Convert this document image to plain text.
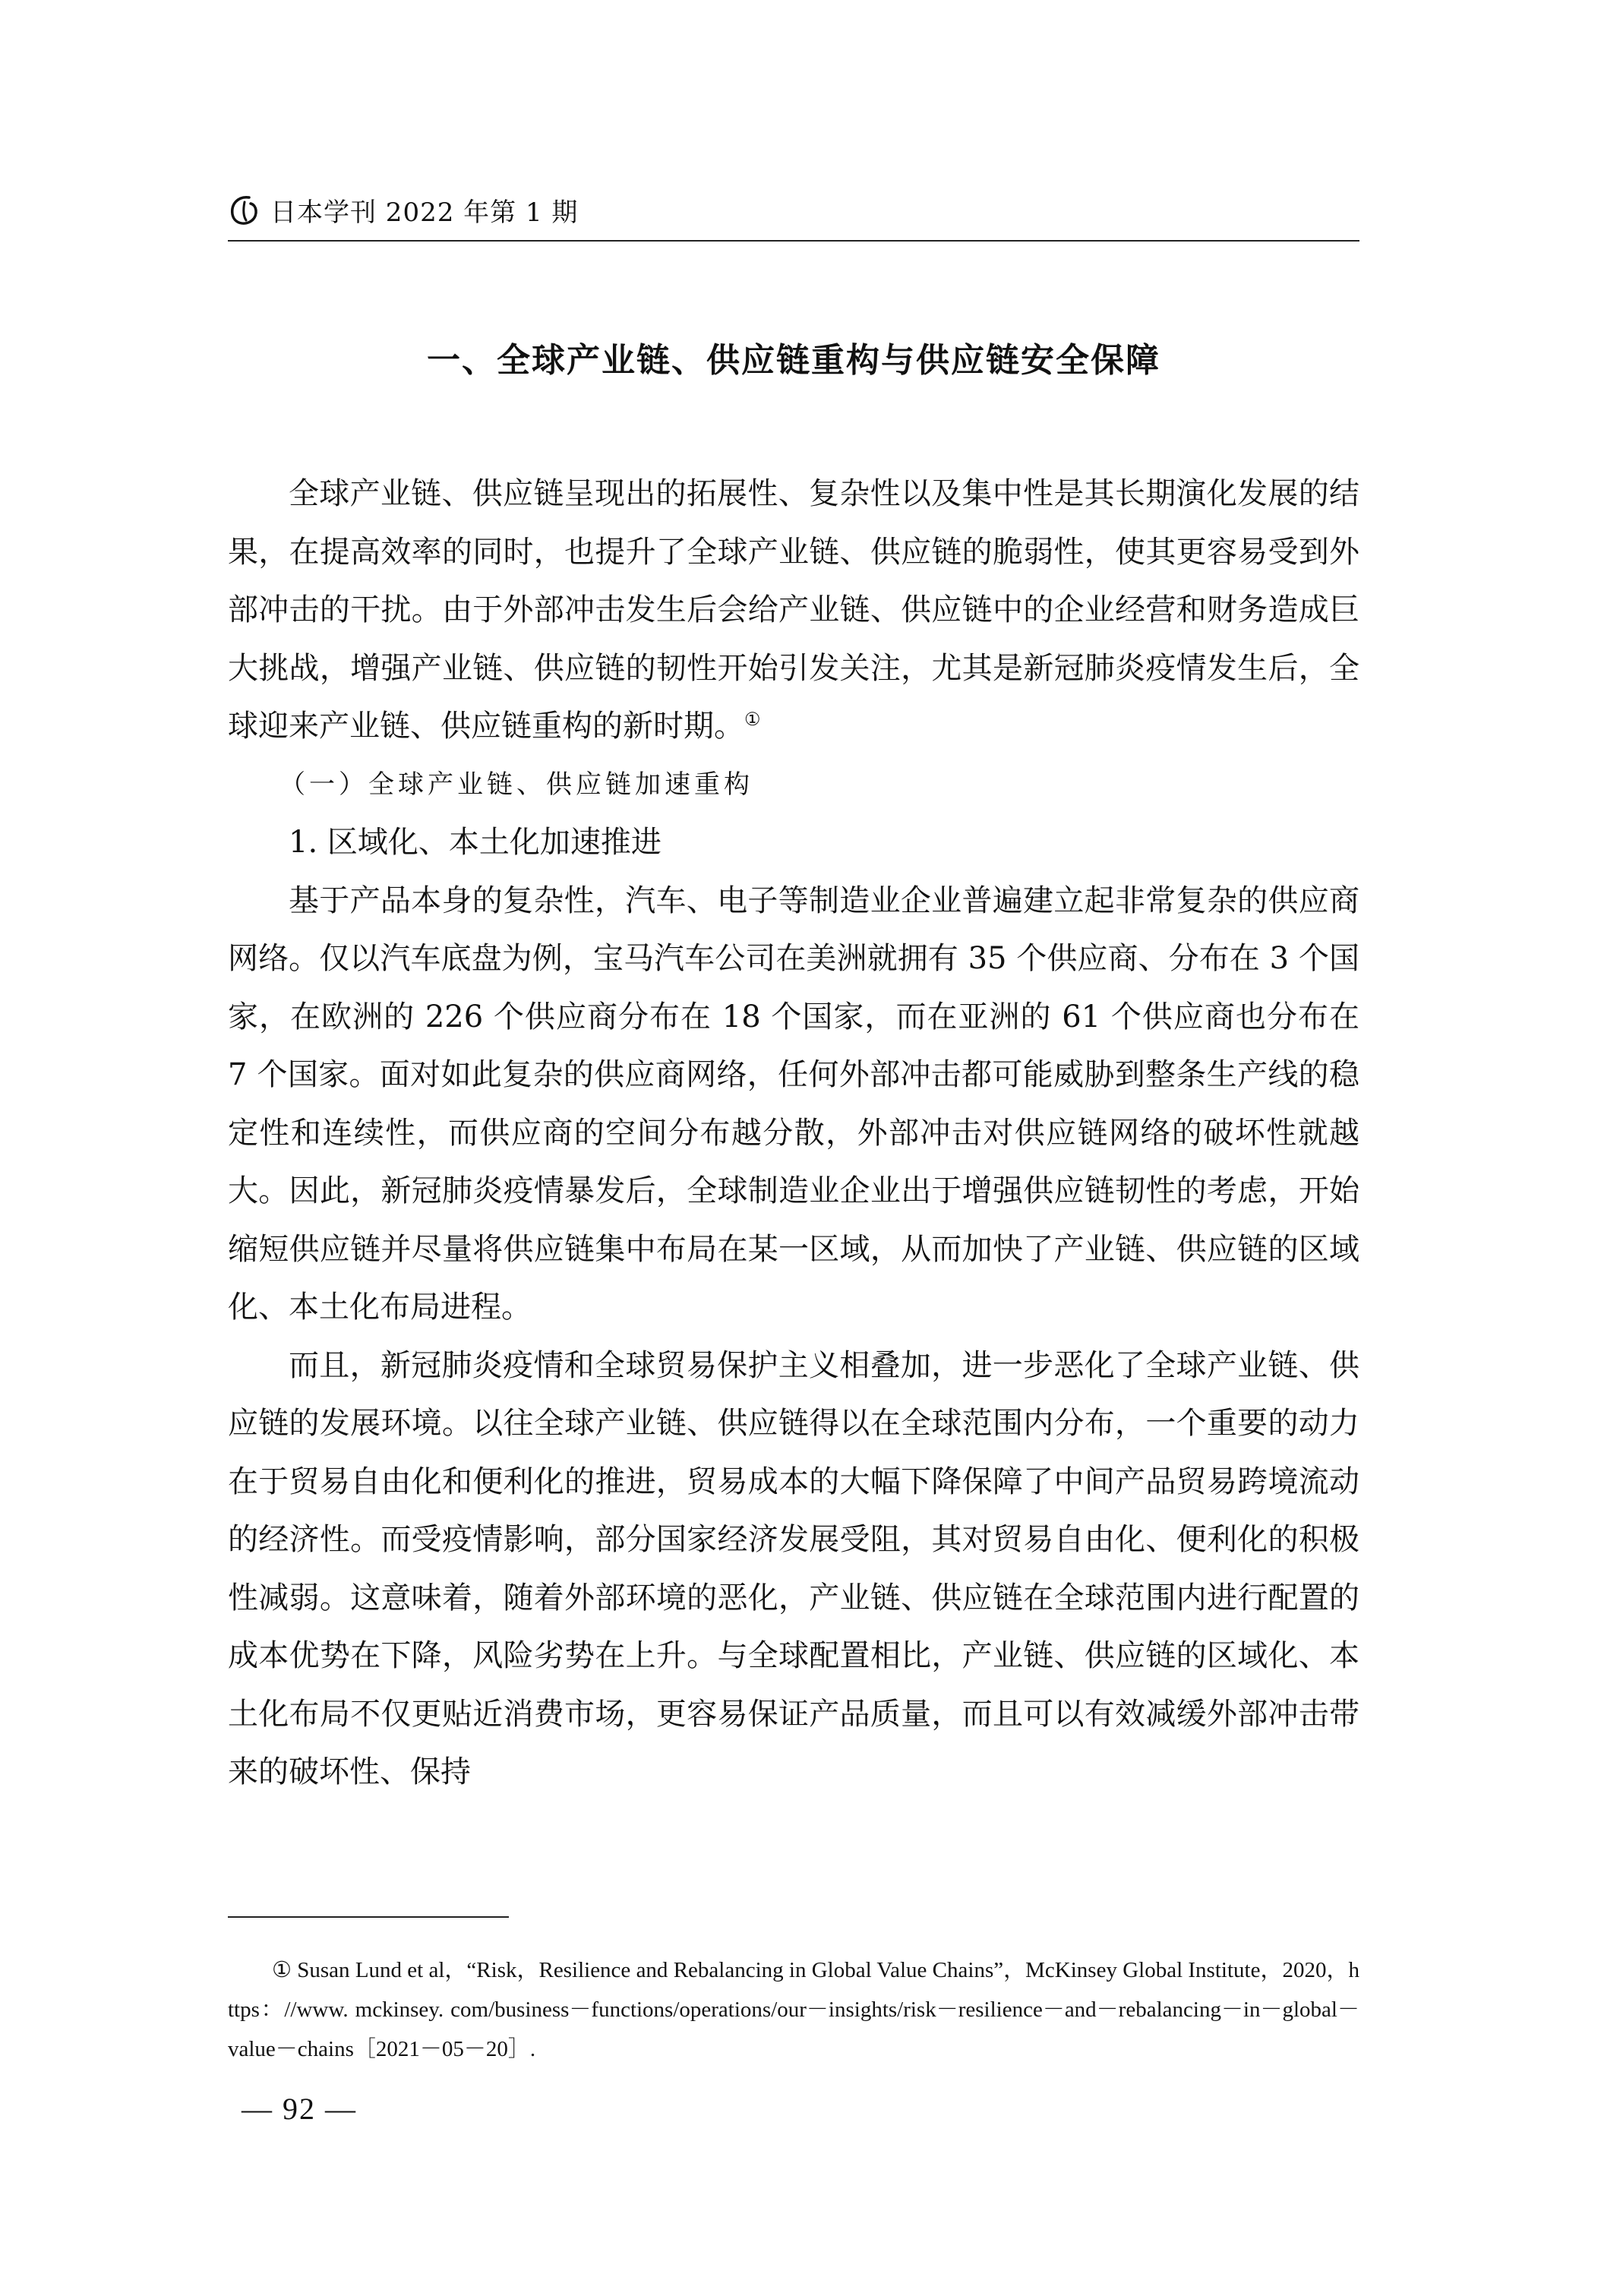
日本学刊 2022 年第 1 期
一、全球产业链、供应链重构与供应链安全保障

全球产业链、供应链呈现出的拓展性、复杂性以及集中性是其长期演化发展的结果，在提高效率的同时，也提升了全球产业链、供应链的脆弱性，使其更容易受到外部冲击的干扰。由于外部冲击发生后会给产业链、供应链中的企业经营和财务造成巨大挑战，增强产业链、供应链的韧性开始引发关注，尤其是新冠肺炎疫情发生后，全球迎来产业链、供应链重构的新时期。①

（一）全球产业链、供应链加速重构

1. 区域化、本土化加速推进

基于产品本身的复杂性，汽车、电子等制造业企业普遍建立起非常复杂的供应商网络。仅以汽车底盘为例，宝马汽车公司在美洲就拥有 35 个供应商、分布在 3 个国家，在欧洲的 226 个供应商分布在 18 个国家，而在亚洲的 61 个供应商也分布在 7 个国家。面对如此复杂的供应商网络，任何外部冲击都可能威胁到整条生产线的稳定性和连续性，而供应商的空间分布越分散，外部冲击对供应链网络的破坏性就越大。因此，新冠肺炎疫情暴发后，全球制造业企业出于增强供应链韧性的考虑，开始缩短供应链并尽量将供应链集中布局在某一区域，从而加快了产业链、供应链的区域化、本土化布局进程。

而且，新冠肺炎疫情和全球贸易保护主义相叠加，进一步恶化了全球产业链、供应链的发展环境。以往全球产业链、供应链得以在全球范围内分布，一个重要的动力在于贸易自由化和便利化的推进，贸易成本的大幅下降保障了中间产品贸易跨境流动的经济性。而受疫情影响，部分国家经济发展受阻，其对贸易自由化、便利化的积极性减弱。这意味着，随着外部环境的恶化，产业链、供应链在全球范围内进行配置的成本优势在下降，风险劣势在上升。与全球配置相比，产业链、供应链的区域化、本土化布局不仅更贴近消费市场，更容易保证产品质量，而且可以有效减缓外部冲击带来的破坏性、保持

① Susan Lund et al，“Risk，Resilience and Rebalancing in Global Value Chains”，McKinsey Global Institute，2020，https：//www. mckinsey. com/business－functions/operations/our－insights/risk－resilience－and－rebalancing－in－global－value－chains［2021－05－20］.
— 92 —
